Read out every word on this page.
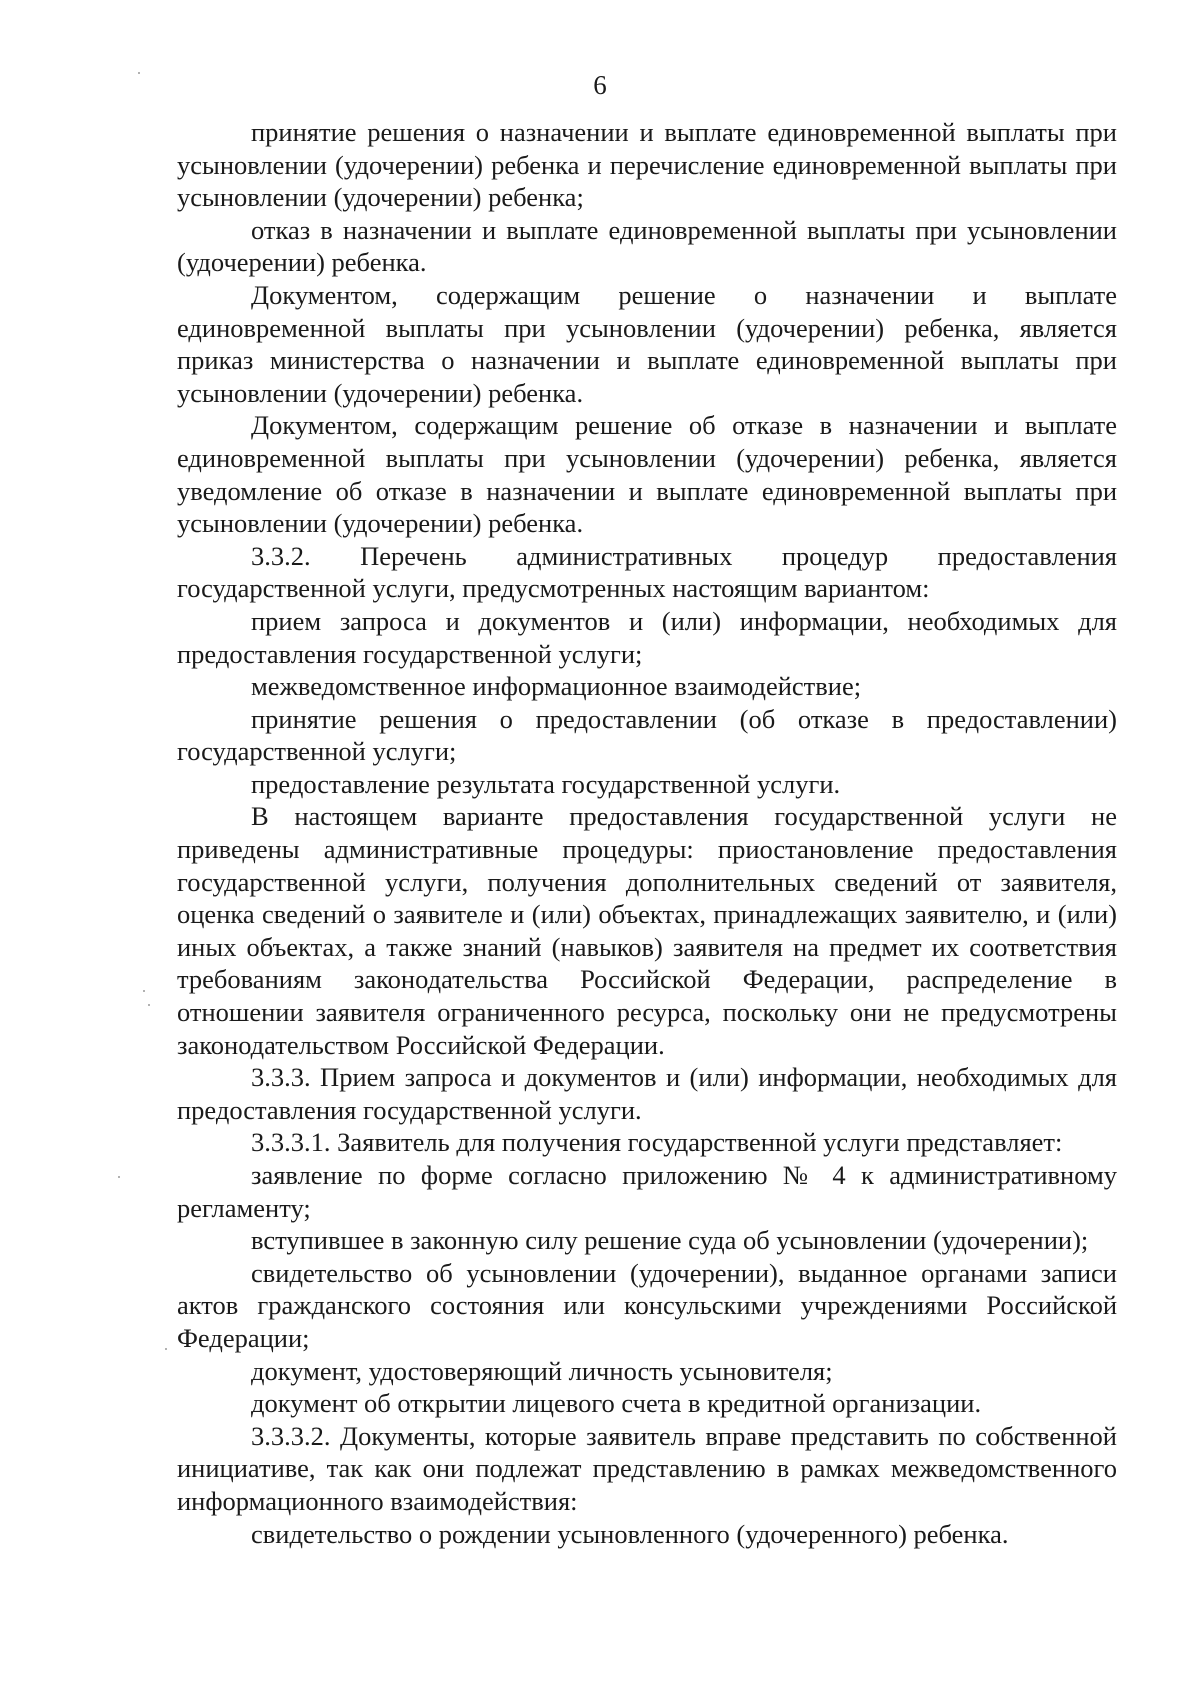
6

принятие решения о назначении и выплате единовременной выплаты при усыновлении (удочерении) ребенка и перечисление единовременной выплаты при усыновлении (удочерении) ребенка;

отказ в назначении и выплате единовременной выплаты при усыновлении (удочерении) ребенка.

Документом, содержащим решение о назначении и выплате единовременной выплаты при усыновлении (удочерении) ребенка, является приказ министерства о назначении и выплате единовременной выплаты при усыновлении (удочерении) ребенка.

Документом, содержащим решение об отказе в назначении и выплате единовременной выплаты при усыновлении (удочерении) ребенка, является уведомление об отказе в назначении и выплате единовременной выплаты при усыновлении (удочерении) ребенка.

3.3.2. Перечень административных процедур предоставления государственной услуги, предусмотренных настоящим вариантом:

прием запроса и документов и (или) информации, необходимых для предоставления государственной услуги;

межведомственное информационное взаимодействие;

принятие решения о предоставлении (об отказе в предоставлении) государственной услуги;

предоставление результата государственной услуги.

В настоящем варианте предоставления государственной услуги не приведены административные процедуры: приостановление предоставления государственной услуги, получения дополнительных сведений от заявителя, оценка сведений о заявителе и (или) объектах, принадлежащих заявителю, и (или) иных объектах, а также знаний (навыков) заявителя на предмет их соответствия требованиям законодательства Российской Федерации, распределение в отношении заявителя ограниченного ресурса, поскольку они не предусмотрены законодательством Российской Федерации.

3.3.3. Прием запроса и документов и (или) информации, необходимых для предоставления государственной услуги.

3.3.3.1. Заявитель для получения государственной услуги представляет:

заявление по форме согласно приложению № 4 к административному регламенту;

вступившее в законную силу решение суда об усыновлении (удочерении);

свидетельство об усыновлении (удочерении), выданное органами записи актов гражданского состояния или консульскими учреждениями Российской Федерации;

документ, удостоверяющий личность усыновителя;

документ об открытии лицевого счета в кредитной организации.

3.3.3.2. Документы, которые заявитель вправе представить по собственной инициативе, так как они подлежат представлению в рамках межведомственного информационного взаимодействия:

свидетельство о рождении усыновленного (удочеренного) ребенка.
